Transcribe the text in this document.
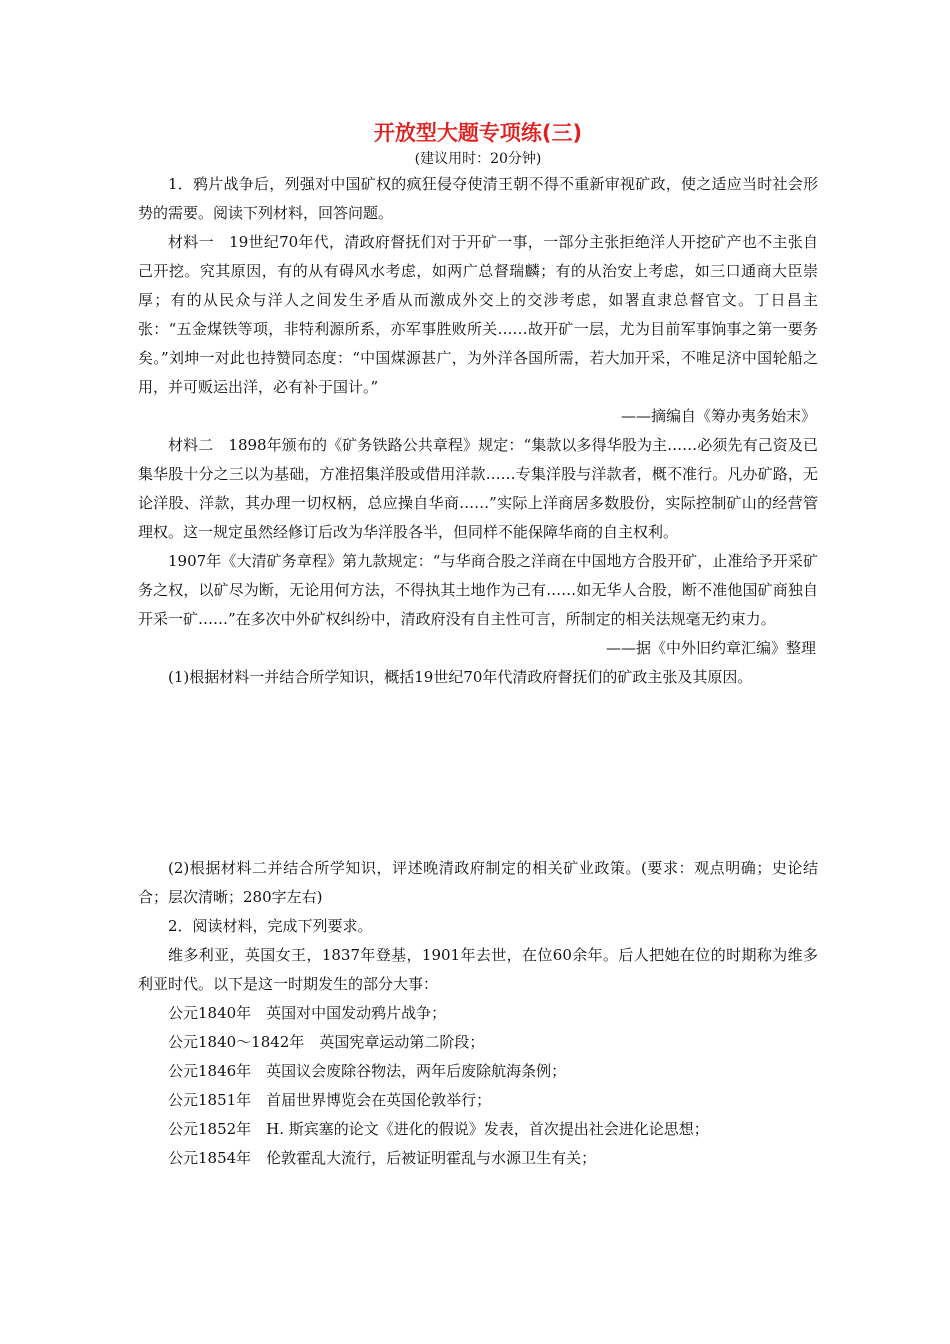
开放型大题专项练(三)

(建议用时：20分钟)

1．鸦片战争后，列强对中国矿权的疯狂侵夺使清王朝不得不重新审视矿政，使之适应当时社会形势的需要。阅读下列材料，回答问题。

材料一　19世纪70年代，清政府督抚们对于开矿一事，一部分主张拒绝洋人开挖矿产也不主张自己开挖。究其原因，有的从有碍风水考虑，如两广总督瑞麟；有的从治安上考虑，如三口通商大臣崇厚；有的从民众与洋人之间发生矛盾从而激成外交上的交涉考虑，如署直隶总督官文。丁日昌主张：“五金煤铁等项，非特利源所系，亦军事胜败所关……故开矿一层，尤为目前军事饷事之第一要务矣。”刘坤一对此也持赞同态度：“中国煤源甚广，为外洋各国所需，若大加开采，不唯足济中国轮船之用，并可贩运出洋，必有补于国计。”

——摘编自《筹办夷务始末》

材料二　1898年颁布的《矿务铁路公共章程》规定：“集款以多得华股为主……必须先有己资及已集华股十分之三以为基础，方准招集洋股或借用洋款……专集洋股与洋款者，概不准行。凡办矿路，无论洋股、洋款，其办理一切权柄，总应操自华商……”实际上洋商居多数股份，实际控制矿山的经营管理权。这一规定虽然经修订后改为华洋股各半，但同样不能保障华商的自主权利。

1907年《大清矿务章程》第九款规定：“与华商合股之洋商在中国地方合股开矿，止准给予开采矿务之权，以矿尽为断，无论用何方法，不得执其土地作为己有……如无华人合股，断不准他国矿商独自开采一矿……”在多次中外矿权纠纷中，清政府没有自主性可言，所制定的相关法规毫无约束力。

——据《中外旧约章汇编》整理

(1)根据材料一并结合所学知识，概括19世纪70年代清政府督抚们的矿政主张及其原因。

(2)根据材料二并结合所学知识，评述晚清政府制定的相关矿业政策。(要求：观点明确；史论结合；层次清晰；280字左右)

2．阅读材料，完成下列要求。

维多利亚，英国女王，1837年登基，1901年去世，在位60余年。后人把她在位的时期称为维多利亚时代。以下是这一时期发生的部分大事：

公元1840年　英国对中国发动鸦片战争；

公元1840～1842年　英国宪章运动第二阶段；

公元1846年　英国议会废除谷物法，两年后废除航海条例；

公元1851年　首届世界博览会在英国伦敦举行；

公元1852年　H. 斯宾塞的论文《进化的假说》发表，首次提出社会进化论思想；

公元1854年　伦敦霍乱大流行，后被证明霍乱与水源卫生有关；
